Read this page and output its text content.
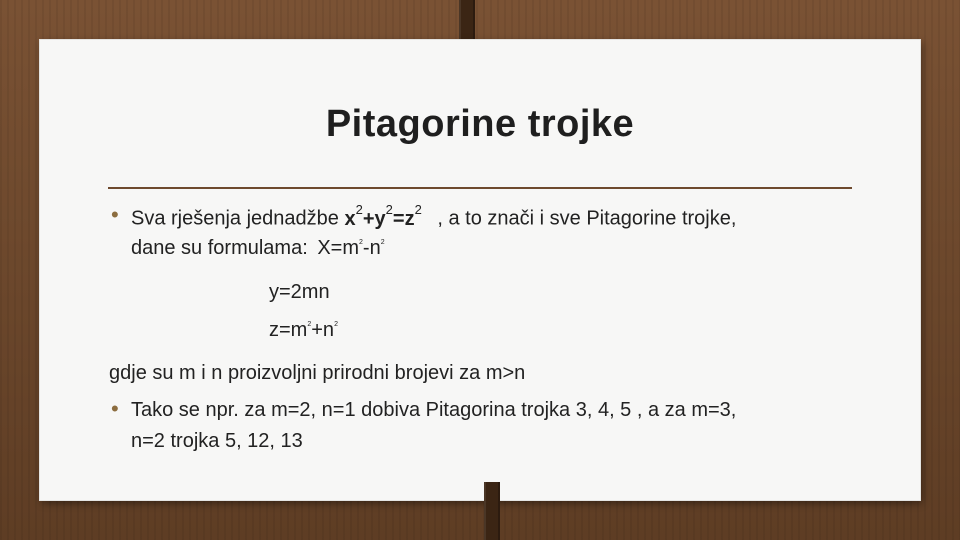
Pitagorine trojke
• Sva rješenja jednadžbe $x^2+y^2=z^2$ , a to znači i sve Pitagorine trojke,
dane su formulama: $X=m^2-n^2$
y=2mn
$z=m^2+n^2$
gdje su m i n proizvoljni prirodni brojevi za m>n
• Tako se npr. za m=2, n=1 dobiva Pitagorina trojka 3, 4, 5 , a za m=3,
n=2 trojka 5, 12, 13
